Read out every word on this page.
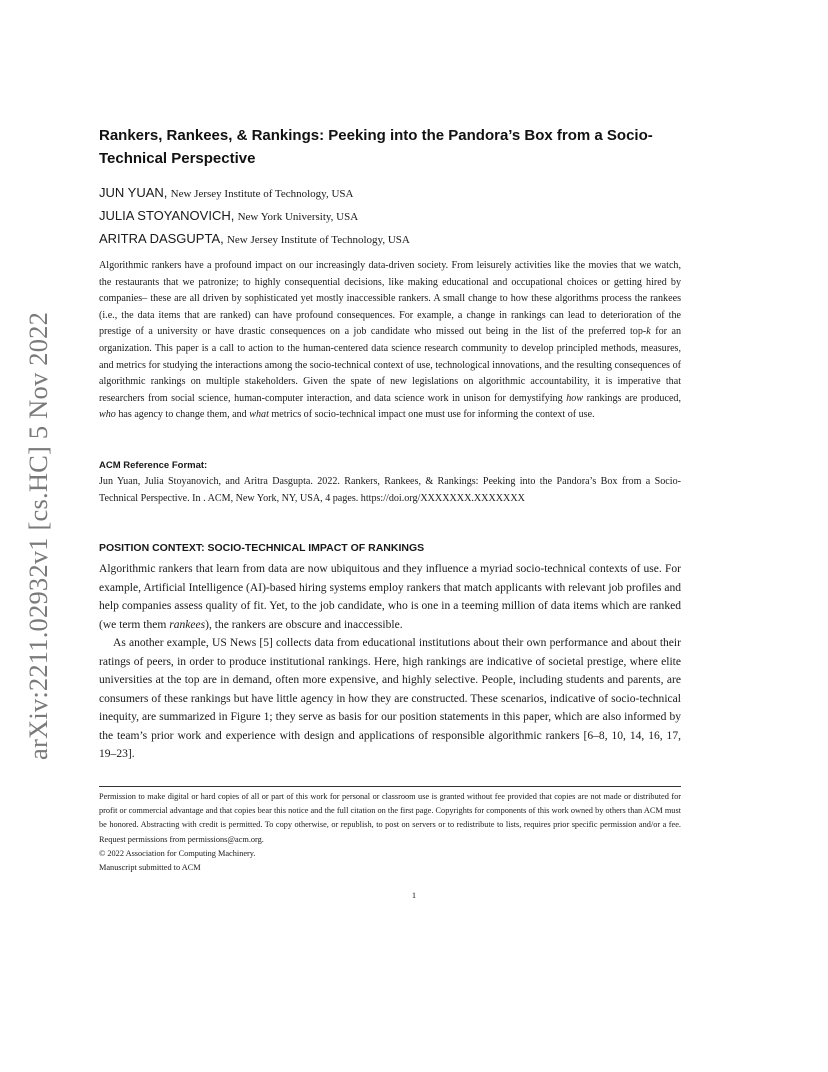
arXiv:2211.02932v1 [cs.HC] 5 Nov 2022
Rankers, Rankees, & Rankings: Peeking into the Pandora’s Box from a Socio-Technical Perspective
JUN YUAN, New Jersey Institute of Technology, USA
JULIA STOYANOVICH, New York University, USA
ARITRA DASGUPTA, New Jersey Institute of Technology, USA
Algorithmic rankers have a profound impact on our increasingly data-driven society. From leisurely activities like the movies that we watch, the restaurants that we patronize; to highly consequential decisions, like making educational and occupational choices or getting hired by companies– these are all driven by sophisticated yet mostly inaccessible rankers. A small change to how these algorithms process the rankees (i.e., the data items that are ranked) can have profound consequences. For example, a change in rankings can lead to deterioration of the prestige of a university or have drastic consequences on a job candidate who missed out being in the list of the preferred top-k for an organization. This paper is a call to action to the human-centered data science research community to develop principled methods, measures, and metrics for studying the interactions among the socio-technical context of use, technological innovations, and the resulting consequences of algorithmic rankings on multiple stakeholders. Given the spate of new legislations on algorithmic accountability, it is imperative that researchers from social science, human-computer interaction, and data science work in unison for demystifying how rankings are produced, who has agency to change them, and what metrics of socio-technical impact one must use for informing the context of use.
ACM Reference Format:
Jun Yuan, Julia Stoyanovich, and Aritra Dasgupta. 2022. Rankers, Rankees, & Rankings: Peeking into the Pandora’s Box from a Socio-Technical Perspective. In . ACM, New York, NY, USA, 4 pages. https://doi.org/XXXXXXX.XXXXXXX
POSITION CONTEXT: SOCIO-TECHNICAL IMPACT OF RANKINGS

Algorithmic rankers that learn from data are now ubiquitous and they influence a myriad socio-technical contexts of use. For example, Artificial Intelligence (AI)-based hiring systems employ rankers that match applicants with relevant job profiles and help companies assess quality of fit. Yet, to the job candidate, who is one in a teeming million of data items which are ranked (we term them rankees), the rankers are obscure and inaccessible.

As another example, US News [5] collects data from educational institutions about their own performance and about their ratings of peers, in order to produce institutional rankings. Here, high rankings are indicative of societal prestige, where elite universities at the top are in demand, often more expensive, and highly selective. People, including students and parents, are consumers of these rankings but have little agency in how they are constructed. These scenarios, indicative of socio-technical inequity, are summarized in Figure 1; they serve as basis for our position statements in this paper, which are also informed by the team’s prior work and experience with design and applications of responsible algorithmic rankers [6–8, 10, 14, 16, 17, 19–23].

Permission to make digital or hard copies of all or part of this work for personal or classroom use is granted without fee provided that copies are not made or distributed for profit or commercial advantage and that copies bear this notice and the full citation on the first page. Copyrights for components of this work owned by others than ACM must be honored. Abstracting with credit is permitted. To copy otherwise, or republish, to post on servers or to redistribute to lists, requires prior specific permission and/or a fee. Request permissions from permissions@acm.org.

© 2022 Association for Computing Machinery.

Manuscript submitted to ACM

1
